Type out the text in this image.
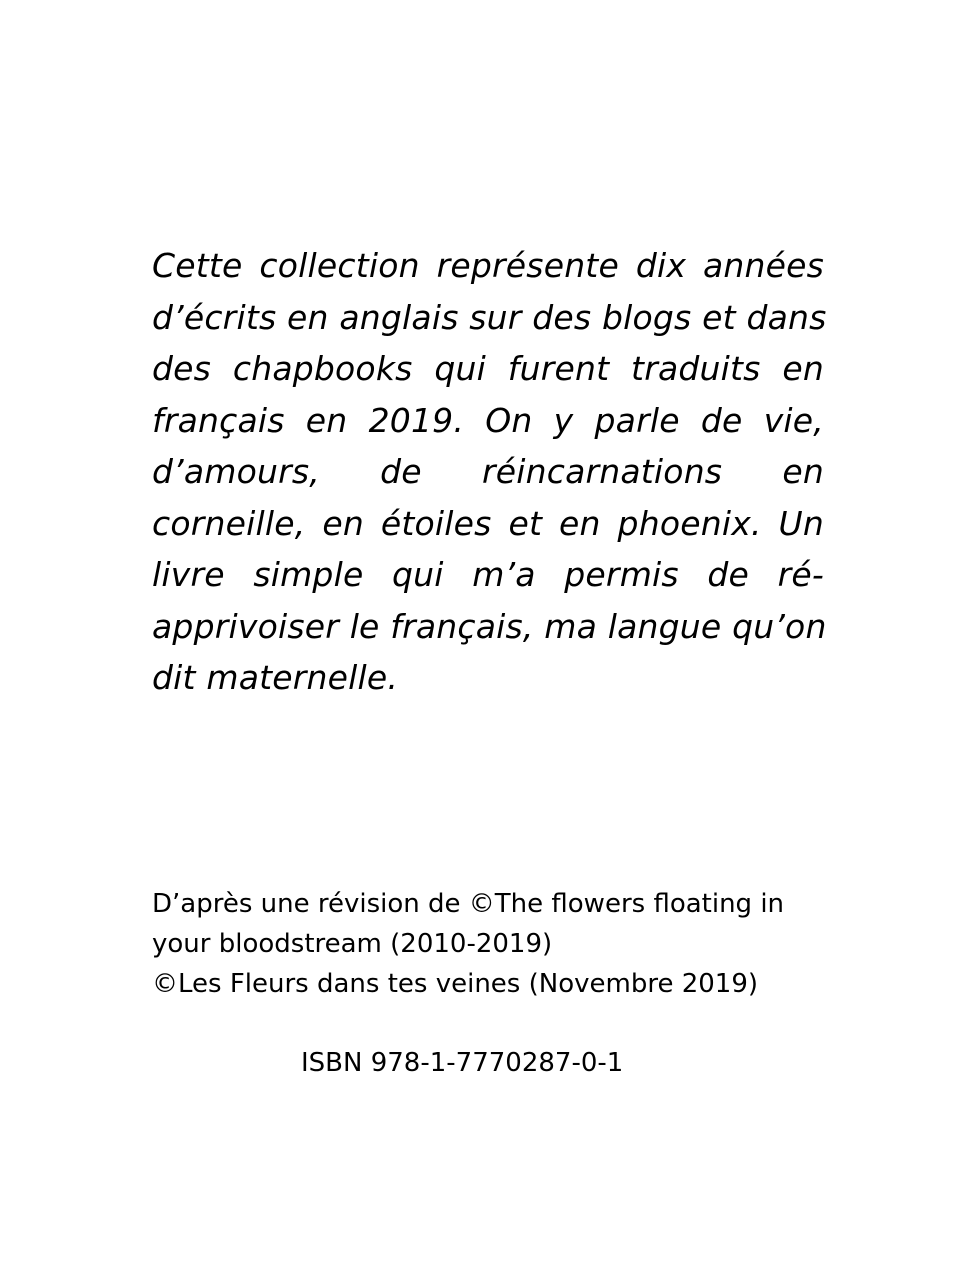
Cette collection représente dix années
d’écrits en anglais sur des blogs et dans
des chapbooks qui furent traduits en
français en 2019. On y parle de vie,
d’amours, de réincarnations en
corneille, en étoiles et en phoenix. Un
livre simple qui m’a permis de ré-
apprivoiser le français, ma langue qu’on
dit maternelle.
D’après une révision de ©The flowers floating in
your bloodstream (2010-2019)
©Les Fleurs dans tes veines (Novembre 2019)
ISBN 978-1-7770287-0-1
